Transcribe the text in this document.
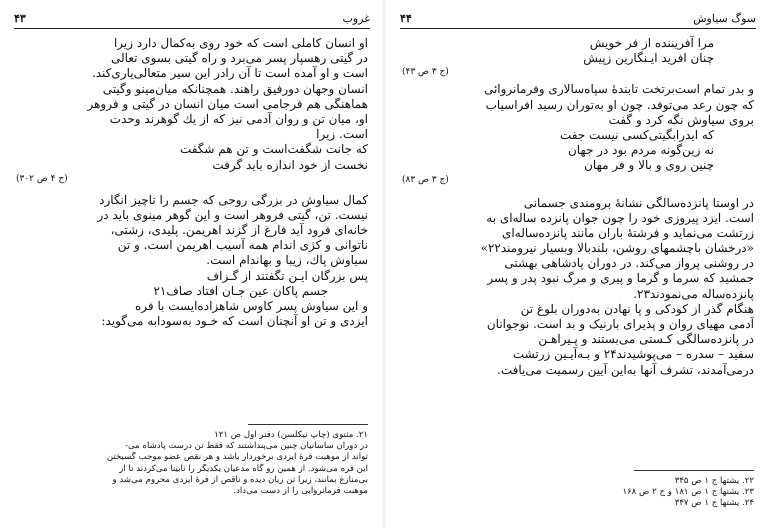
۴۳	غروب
او انسان کاملی است که خود روی به‌کمال دارد زیرا
در گیتی رهسپار پسر می‌برد و راه گیتی بسوی تعالی
است و او آمده است تا آن رادر این سیر متعالی‌یاری‌کند.
انسان وجهان دورفیق راهند. همچنانکه میان‌مینو وگیتی
هماهنگی هم فرجامی است میان انسان در گیتی و فروهر
او، میان تن و روان آدمی نیز که از یك گوهرند وحدت
است. زیرا
که جانت شگفت‌است و تن هم شگفت
نخست از خود اندازه باید گرفت
(ج ۴ ص ۳۰۲)
کمال سیاوش در بزرگی روحی که جسم را تاچیز انگارد
نیست. تن، گیتی فروهر است و این گوهر مینوی باید در
خانه‌ای فرود آید فارغ از گزند اهریمن. پلیدی، زشتی،
ناتوانی و کژی اندام همه آسیب اهریمن است. و تن
سیاوش پاك، زیبا و بهاندام است.
پس بزرگان ایـن تگفتند از گـزاف
جسم پاکان عین جـان افتاد صاف۲۱
و این سیاوش پسر کاوس شاهزاده‌ایست با فره
ایزدی و تن او آنچنان است که خـود به‌سودابه می‌گوید:
۲۱. مثنوی (چاپ نیکلسن) دفتر اول ص ۱۲۱
در دوران ساسانیان چنین می‌پنداشتند که فقط تن درست پادشاه می-
تواند از موهبت فرهٔ ایزدی برخوردار باشد و هر نقص عضو موجب گسیختن
این فره می‌شود. از همین رو گاه مدعیان یکدیگر را نابینا می‌کردند تا از
بی‌منازع بمانند، زیرا تن زیان دیده و ناقص از فرهٔ ایزدی محروم می‌شد و
موهبت فرمانروایی را از دست می‌داد.
۴۴	سوگ سیاوش
مرا آفریننده از فر خویش
چنان افرید ایـنگارین زپیش
(ج ۳ ص ۴۳)
و بدر تمام است‌برتخت تابندهٔ سپاه‌سالاری وفرمانروائی
که چون رعد می‌توفد. چون او به‌توران رسید افراسیاب
بروی سیاوش نگه کرد و گفت
که ایدر‌ابگیتی‌کسی نیست جفت
نه زین‌گونه مردم بود در جهان
چنین روی و بالا و فر مهان
(ج ۳ ص ۸۳)
در اوستا پانزده‌سالگی نشانهٔ برومندی جسمانی
است. ایزد پیروزی خود را چون جوان پانزده ساله‌ای به
زرتشت می‌نماید و فرشتهٔ باران مانند پانزده‌ساله‌ای
«درخشان باچشمهای روشن، بلندبالا وبسیار نیرومند۲۲»
در روشنی پرواز می‌کند. در دوران پادشاهی بهشتی
جمشید که سرما و گرما و پیری و مرگ نبود پدر و پسر
پانزده‌ساله می‌نمودند۲۳.
هنگام گذر از کودکی و پا نهادن به‌دوران بلوغ تن
آدمی مهیای روان و پذیرای بارنیک و بد است. نوجوانان
در پانزده‌سالگی کـستی می‌بستند و پـیراهـن
سفید – سدره – می‌پوشیدند۲۴ و بـه‌آیـین زرتشت
در‌می‌آمدند، تشرف آنها به‌این آیین رسمیت می‌یافت.
۲۲. یشتها ج ۱ ص ۳۴۵
۲۳. یشتها ج ۱ ص ۱۸۱ و ج ۲ ص ۱۶۸
۲۴. یشتها ج ۱ ص ۳۴۷
